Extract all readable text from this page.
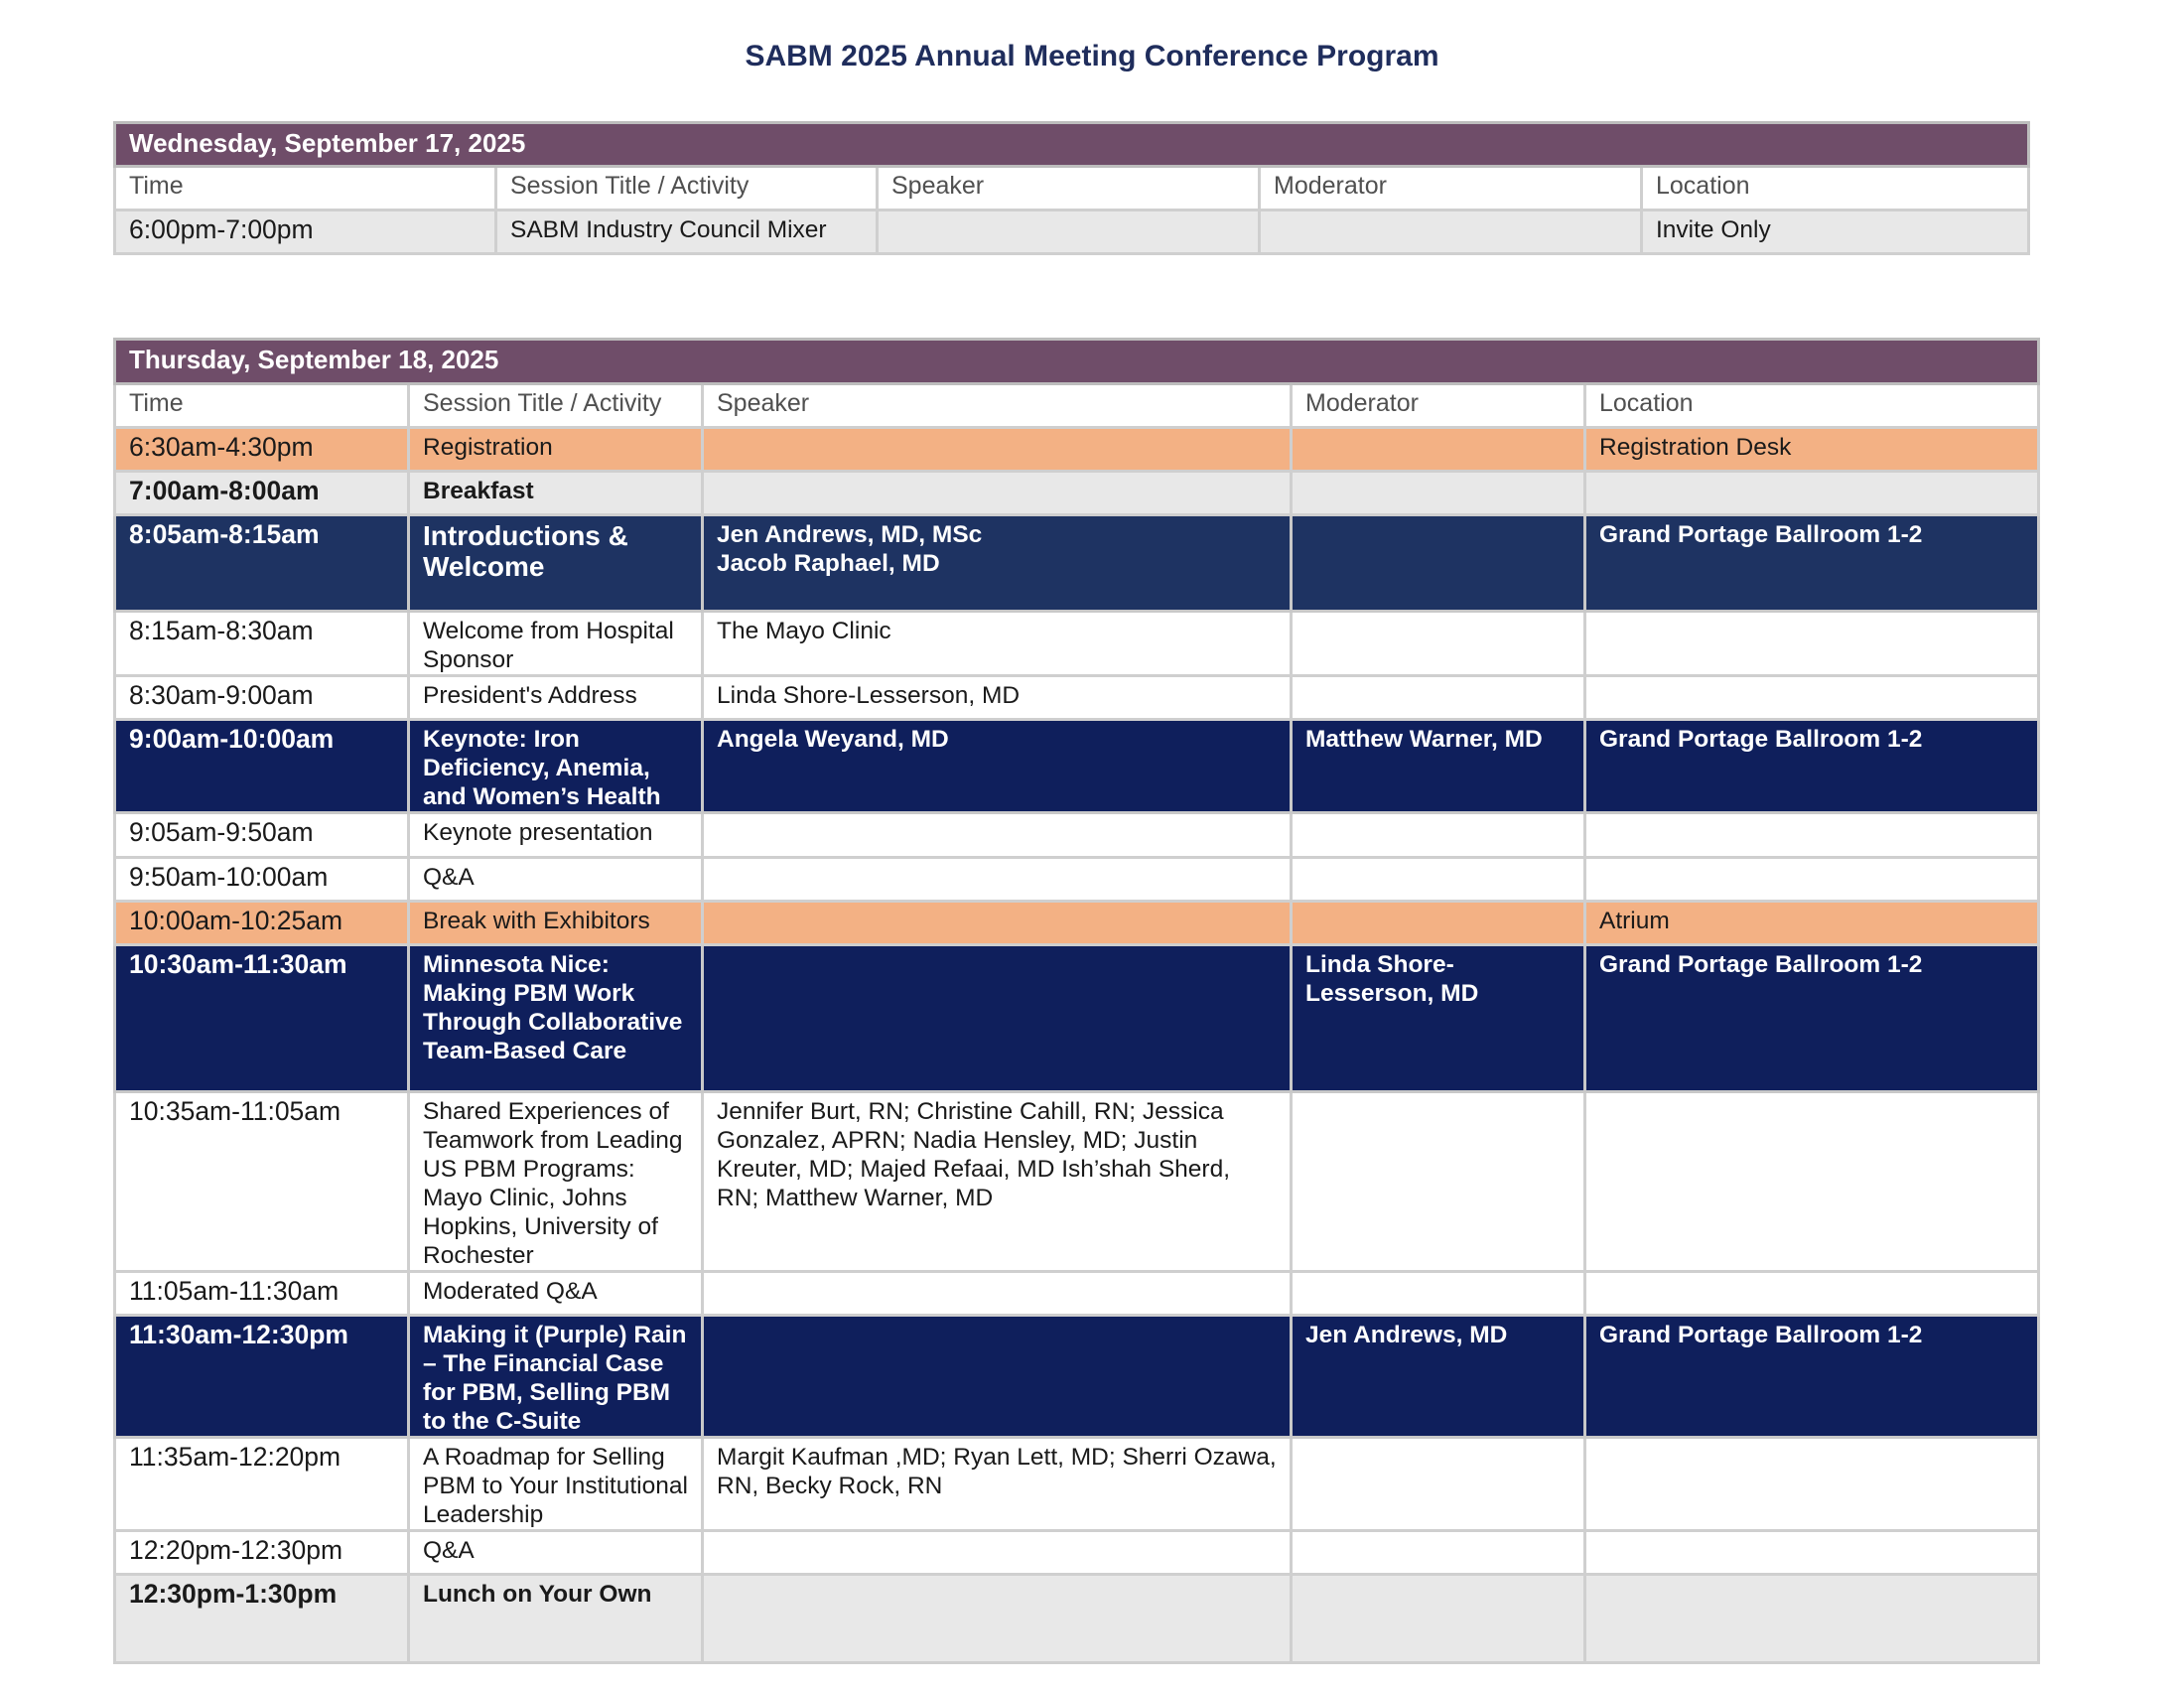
SABM 2025 Annual Meeting Conference Program
Wednesday, September 17, 2025				
Time	Session Title / Activity	Speaker	Moderator	Location
6:00pm-7:00pm	SABM Industry Council Mixer			Invite Only
Thursday, September 18, 2025				
Time	Session Title / Activity	Speaker	Moderator	Location
6:30am-4:30pm	Registration			Registration Desk
7:00am-8:00am	Breakfast			
8:05am-8:15am	Introductions & Welcome	Jen Andrews, MD, MSc
Jacob Raphael, MD		Grand Portage Ballroom 1-2
8:15am-8:30am	Welcome from Hospital Sponsor	The Mayo Clinic		
8:30am-9:00am	President's Address	Linda Shore-Lesserson, MD		
9:00am-10:00am	Keynote: Iron Deficiency, Anemia, and Women’s Health	Angela Weyand, MD	Matthew Warner, MD	Grand Portage Ballroom 1-2
9:05am-9:50am	Keynote presentation			
9:50am-10:00am	Q&A			
10:00am-10:25am	Break with Exhibitors			Atrium
10:30am-11:30am	Minnesota Nice: Making PBM Work Through Collaborative Team-Based Care		Linda Shore-Lesserson, MD	Grand Portage Ballroom 1-2
10:35am-11:05am	Shared Experiences of Teamwork from Leading US PBM Programs: Mayo Clinic, Johns Hopkins, University of Rochester	Jennifer Burt, RN; Christine Cahill, RN; Jessica Gonzalez, APRN; Nadia Hensley, MD; Justin Kreuter, MD; Majed Refaai, MD Ish’shah Sherd, RN; Matthew Warner, MD		
11:05am-11:30am	Moderated Q&A			
11:30am-12:30pm	Making it (Purple) Rain – The Financial Case for PBM, Selling PBM to the C-Suite		Jen Andrews, MD	Grand Portage Ballroom 1-2
11:35am-12:20pm	A Roadmap for Selling PBM to Your Institutional Leadership	Margit Kaufman ,MD; Ryan Lett, MD; Sherri Ozawa, RN, Becky Rock, RN		
12:20pm-12:30pm	Q&A			
12:30pm-1:30pm	Lunch on Your Own			
